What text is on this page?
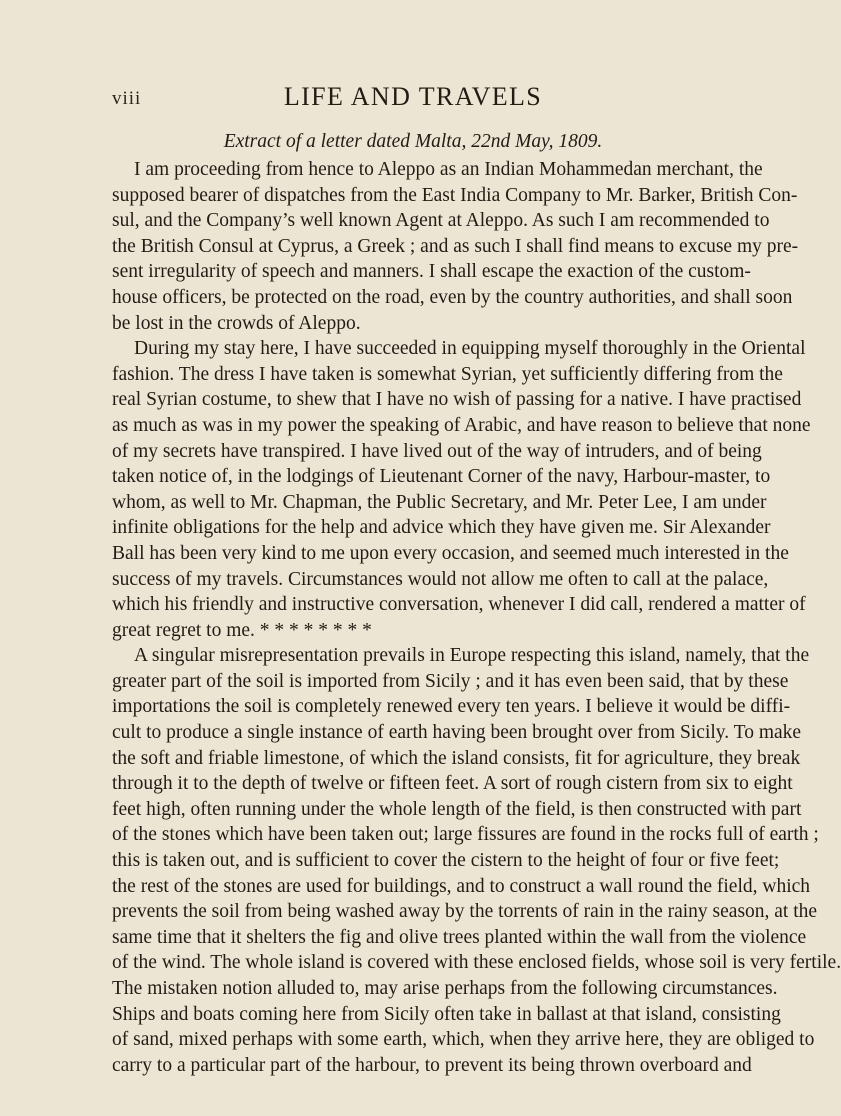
viii	LIFE AND TRAVELS

Extract of a letter dated Malta, 22nd May, 1809.

I am proceeding from hence to Aleppo as an Indian Mohammedan merchant, the

supposed bearer of dispatches from the East India Company to Mr. Barker, British Con-

sul, and the Company’s well known Agent at Aleppo. As such I am recommended to

the British Consul at Cyprus, a Greek ; and as such I shall find means to excuse my pre-

sent irregularity of speech and manners. I shall escape the exaction of the custom-

house officers, be protected on the road, even by the country authorities, and shall soon

be lost in the crowds of Aleppo.

During my stay here, I have succeeded in equipping myself thoroughly in the Oriental

fashion. The dress I have taken is somewhat Syrian, yet sufficiently differing from the

real Syrian costume, to shew that I have no wish of passing for a native. I have practised

as much as was in my power the speaking of Arabic, and have reason to believe that none

of my secrets have transpired. I have lived out of the way of intruders, and of being

taken notice of, in the lodgings of Lieutenant Corner of the navy, Harbour-master, to

whom, as well to Mr. Chapman, the Public Secretary, and Mr. Peter Lee, I am under

infinite obligations for the help and advice which they have given me. Sir Alexander

Ball has been very kind to me upon every occasion, and seemed much interested in the

success of my travels. Circumstances would not allow me often to call at the palace,

which his friendly and instructive conversation, whenever I did call, rendered a matter of

great regret to me. * * * * * * * *

A singular misrepresentation prevails in Europe respecting this island, namely, that the

greater part of the soil is imported from Sicily ; and it has even been said, that by these

importations the soil is completely renewed every ten years. I believe it would be diffi-

cult to produce a single instance of earth having been brought over from Sicily. To make

the soft and friable limestone, of which the island consists, fit for agriculture, they break

through it to the depth of twelve or fifteen feet. A sort of rough cistern from six to eight

feet high, often running under the whole length of the field, is then constructed with part

of the stones which have been taken out; large fissures are found in the rocks full of earth ;

this is taken out, and is sufficient to cover the cistern to the height of four or five feet;

the rest of the stones are used for buildings, and to construct a wall round the field, which

prevents the soil from being washed away by the torrents of rain in the rainy season, at the

same time that it shelters the fig and olive trees planted within the wall from the violence

of the wind. The whole island is covered with these enclosed fields, whose soil is very fertile.

The mistaken notion alluded to, may arise perhaps from the following circumstances.

Ships and boats coming here from Sicily often take in ballast at that island, consisting

of sand, mixed perhaps with some earth, which, when they arrive here, they are obliged to

carry to a particular part of the harbour, to prevent its being thrown overboard and
